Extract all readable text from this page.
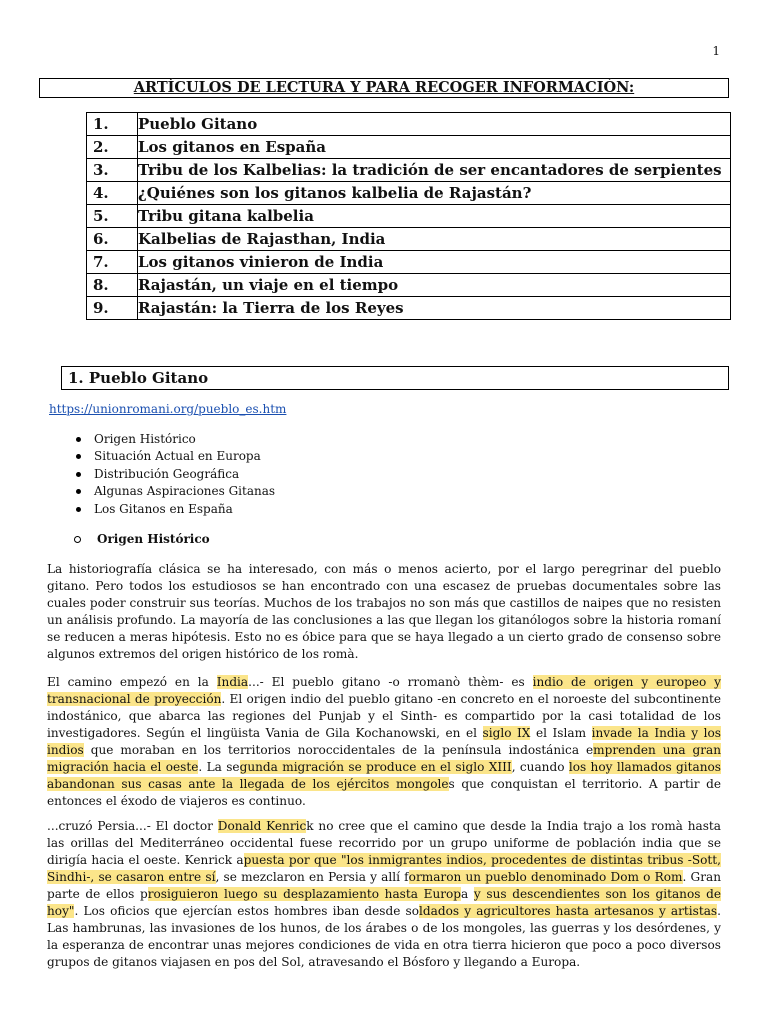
1
ARTÍCULOS DE LECTURA Y PARA RECOGER INFORMACIÓN:
1.	Pueblo Gitano
2.	Los gitanos en España
3.	Tribu de los Kalbelias: la tradición de ser encantadores de serpientes
4.	¿Quiénes son los gitanos kalbelia de Rajastán?
5.	Tribu gitana kalbelia
6.	Kalbelias de Rajasthan, India
7.	Los gitanos vinieron de India
8.	Rajastán, un viaje en el tiempo
9.	Rajastán: la Tierra de los Reyes
1. Pueblo Gitano
https://unionromani.org/pueblo_es.htm
Origen Histórico
Situación Actual en Europa
Distribución Geográfica
Algunas Aspiraciones Gitanas
Los Gitanos en España
Origen Histórico

La historiografía clásica se ha interesado, con más o menos acierto, por el largo peregrinar del pueblo gitano. Pero todos los estudiosos se han encontrado con una escasez de pruebas documentales sobre las cuales poder construir sus teorías. Muchos de los trabajos no son más que castillos de naipes que no resisten un análisis profundo. La mayoría de las conclusiones a las que llegan los gitanólogos sobre la historia romaní se reducen a meras hipótesis. Esto no es óbice para que se haya llegado a un cierto grado de consenso sobre algunos extremos del origen histórico de los romà.

El camino empezó en la India...- El pueblo gitano -o rromanò thèm- es indio de origen y europeo y transnacional de proyección. El origen indio del pueblo gitano -en concreto en el noroeste del subcontinente indostánico, que abarca las regiones del Punjab y el Sinth- es compartido por la casi totalidad de los investigadores. Según el lingüista Vania de Gila Kochanowski, en el siglo IX el Islam invade la India y los indios que moraban en los territorios noroccidentales de la península indostánica emprenden una gran migración hacia el oeste. La segunda migración se produce en el siglo XIII, cuando los hoy llamados gitanos abandonan sus casas ante la llegada de los ejércitos mongoles que conquistan el territorio. A partir de entonces el éxodo de viajeros es continuo.

...cruzó Persia...- El doctor Donald Kenrick no cree que el camino que desde la India trajo a los romà hasta las orillas del Mediterráneo occidental fuese recorrido por un grupo uniforme de población india que se dirigía hacia el oeste. Kenrick apuesta por que "los inmigrantes indios, procedentes de distintas tribus -Sott, Sindhi-, se casaron entre sí, se mezclaron en Persia y allí formaron un pueblo denominado Dom o Rom. Gran parte de ellos prosiguieron luego su desplazamiento hasta Europa y sus descendientes son los gitanos de hoy". Los oficios que ejercían estos hombres iban desde soldados y agricultores hasta artesanos y artistas. Las hambrunas, las invasiones de los hunos, de los árabes o de los mongoles, las guerras y los desórdenes, y la esperanza de encontrar unas mejores condiciones de vida en otra tierra hicieron que poco a poco diversos grupos de gitanos viajasen en pos del Sol, atravesando el Bósforo y llegando a Europa.
